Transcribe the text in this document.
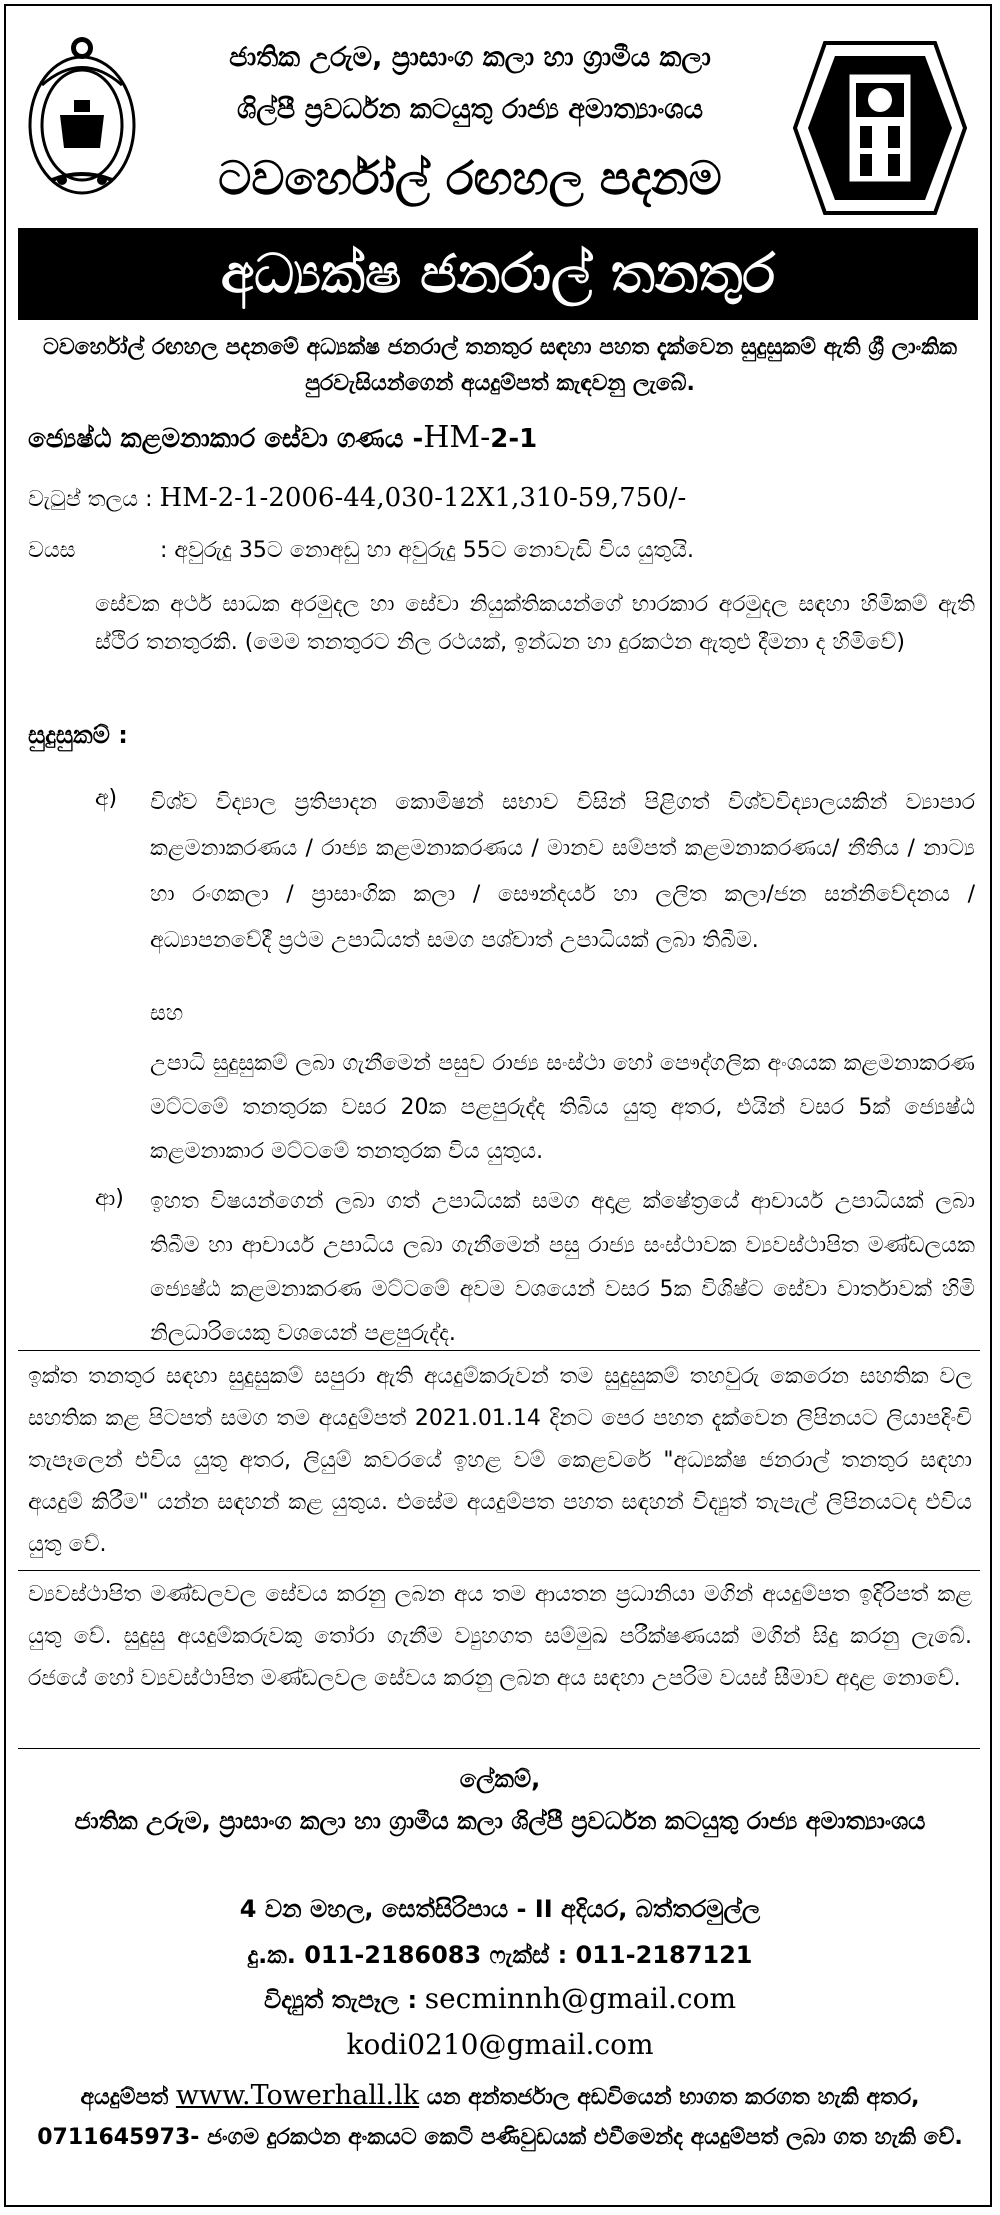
ජාතික උරුම, ප්‍රාසාංග කලා හා ග්‍රාමීය කලා
ශිල්පී ප්‍රවර්ධන කටයුතු රාජ්‍ය අමාත්‍යාංශය
ටවර්හෝල් රඟහල පදනම
අධ්‍යක්ෂ ජනරාල් තනතුර
ටවර්හෝල් රඟහල පදනමේ අධ්‍යක්ෂ ජනරාල් තනතුර සඳහා පහත දැක්වෙන සුදුසුකම් ඇති ශ්‍රී ලාංකික පුරවැසියන්ගෙන් අයදුම්පත් කැඳවනු ලැබේ.
ජ්‍යෙෂ්ඨ කළමනාකාර සේවා ගණය -HM-2-1
වැටුප් තලය : HM-2-1-2006-44,030-12X1,310-59,750/-
වයස	: අවුරුදු 35ට නොඅඩු හා අවුරුදු 55ට නොවැඩි විය යුතුයි.
සේවක අර්ථ සාධක අරමුදල හා සේවා නියුක්තිකයන්ගේ භාරකාර අරමුදල සඳහා හිමිකම් ඇති ස්ථිර තනතුරකි. (මෙම තනතුරට නිල රථයක්, ඉන්ධන හා දුරකථන ඇතුළු දීමනා ද හිමිවේ)
සුදුසුකම් :
අ) විශ්ව විද්‍යාල ප්‍රතිපාදන කොමිෂන් සභාව විසින් පිළිගත් විශ්වවිද්‍යාලයකින් ව්‍යාපාර කළමනාකරණය / රාජ්‍ය කළමනාකරණය / මානව සම්පත් කළමනාකරණය/ නීතිය / නාට්‍ය හා රංගකලා / ප්‍රාසාංගික කලා / සෞන්දර්ය හා ලලිත කලා/ජන සන්නිවේදනය / අධ්‍යාපනවේදී ප්‍රථම උපාධියත් සමග පශ්චාත් උපාධියක් ලබා තිබීම.
සහ
උපාධි සුදුසුකම් ලබා ගැනීමෙන් පසුව රාජ්‍ය සංස්ථා හෝ පෞද්ගලික අංශයක කළමනාකරණ මට්ටමේ තනතුරක වසර 20ක පළපුරුද්ද තිබිය යුතු අතර, එයින් වසර 5ක් ජ්‍යෙෂ්ඨ කළමනාකාර මට්ටමේ තනතුරක විය යුතුය.
ආ) ඉහත විෂයන්ගෙන් ලබා ගත් උපාධියක් සමග අදාළ ක්ෂේත්‍රයේ ආචාර්ය උපාධියක් ලබා තිබීම හා ආචාර්ය උපාධිය ලබා ගැනීමෙන් පසු රාජ්‍ය සංස්ථාවක ව්‍යවස්ථාපිත මණ්ඩලයක ජ්‍යෙෂ්ඨ කළමනාකරණ මට්ටමේ අවම වශයෙන් වසර 5ක විශිෂ්ට සේවා වාර්තාවක් හිමි නිලධාරියෙකු වශයෙන් පළපුරුද්ද.
ඉක්ත තනතුර සඳහා සුදුසුකම් සපුරා ඇති අයදුම්කරුවන් තම සුදුසුකම් තහවුරු කෙරෙන සහතික වල සහතික කළ පිටපත් සමග තම අයදුම්පත් 2021.01.14 දිනට පෙර පහත දැක්වෙන ලිපිනයට ලියාපදිංචි තැපෑලෙන් එවිය යුතු අතර, ලියුම් කවරයේ ඉහළ වම් කෙළවරේ "අධ්‍යක්ෂ ජනරාල් තනතුර සඳහා අයදුම් කිරීම" යන්න සඳහන් කළ යුතුය. එසේම අයදුම්පත පහත සඳහන් විද්‍යුත් තැපැල් ලිපිනයටද එවිය යුතු වේ.
ව්‍යවස්ථාපිත මණ්ඩලවල සේවය කරනු ලබන අය තම ආයතන ප්‍රධානියා මගින් අයදුම්පත ඉදිරිපත් කළ යුතු වේ. සුදුසු අයදුම්කරුවකු තෝරා ගැනීම ව්‍යුහගත සම්මුඛ පරීක්ෂණයක් මගින් සිදු කරනු ලැබේ. රජයේ හෝ ව්‍යවස්ථාපිත මණ්ඩලවල සේවය කරනු ලබන අය සඳහා උපරිම වයස් සීමාව අදාළ නොවේ.
ලේකම්,
ජාතික උරුම, ප්‍රාසාංග කලා හා ග්‍රාමීය කලා ශිල්පී ප්‍රවර්ධන කටයුතු රාජ්‍ය අමාත්‍යාංශය
4 වන මහල, සෙත්සිරිපාය - II අදියර, බත්තරමුල්ල
දු.ක. 011-2186083 ෆැක්ස් : 011-2187121
විද්‍යුත් තැපෑල : secminnh@gmail.com
kodi0210@gmail.com
අයදුම්පත් www.Towerhall.lk යන අන්තර්ජාල අඩවියෙන් භාගත කරගත හැකි අතර, 0711645973- ජංගම දුරකථන අංකයට කෙටි පණිවුඩයක් එවීමෙන්ද අයදුම්පත් ලබා ගත හැකි වේ.
